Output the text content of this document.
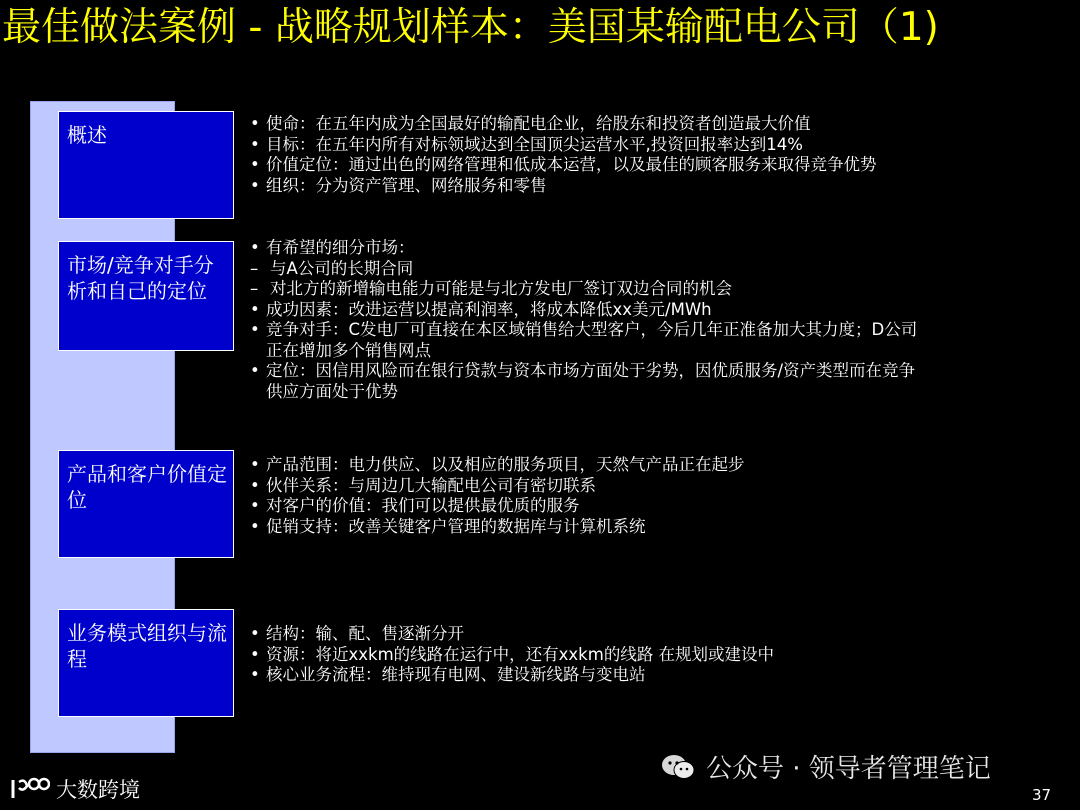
最佳做法案例 - 战略规划样本：美国某输配电公司（1)
概述	• 使命：在五年内成为全国最好的输配电企业，给股东和投资者创造最大价值
• 目标：在五年内所有对标领域达到全国顶尖运营水平,投资回报率达到14%
• 价值定位：通过出色的网络管理和低成本运营，以及最佳的顾客服务来取得竞争优势
• 组织：分为资产管理、网络服务和零售
市场/竞争对手分析和自己的定位
• 有希望的细分市场：
– 与A公司的长期合同
– 对北方的新增输电能力可能是与北方发电厂签订双边合同的机会
• 成功因素：改进运营以提高利润率，将成本降低xx美元/MWh
• 竞争对手：C发电厂可直接在本区域销售给大型客户，今后几年正准备加大其力度；D公司
正在增加多个销售网点
• 定位：因信用风险而在银行贷款与资本市场方面处于劣势，因优质服务/资产类型而在竞争
供应方面处于优势
产品和客户价值定位
• 产品范围：电力供应、以及相应的服务项目，天然气产品正在起步
• 伙伴关系：与周边几大输配电公司有密切联系
• 对客户的价值：我们可以提供最优质的服务
• 促销支持：改善关键客户管理的数据库与计算机系统
业务模式组织与流程
• 结构：输、配、售逐渐分开
• 资源：将近xxkm的线路在运行中，还有xxkm的线路 在规划或建设中
• 核心业务流程：维持现有电网、建设新线路与变电站
公众号 · 领导者管理笔记
大数跨境	37
